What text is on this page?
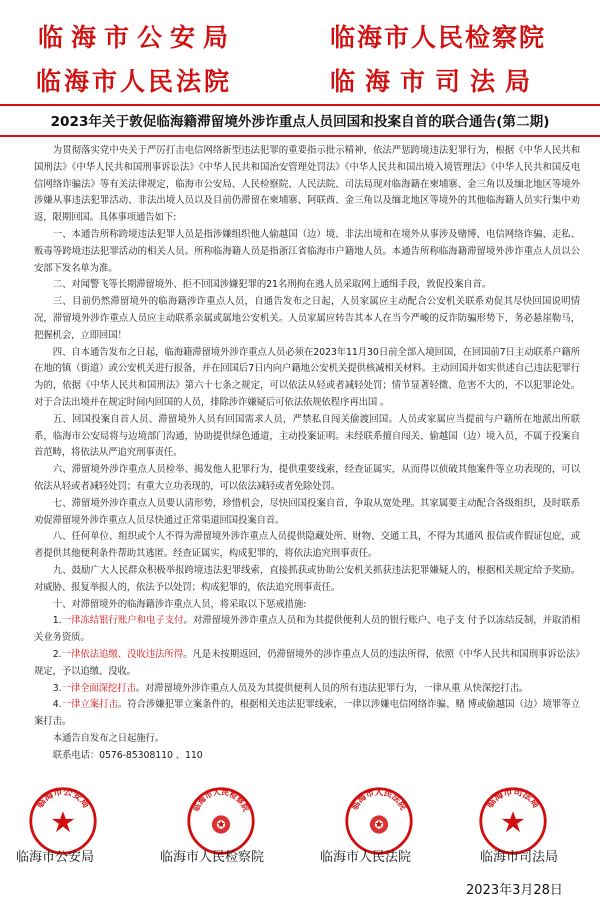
临海市公安局	临海市人民检察院
临海市人民法院	临海市司法局
2023年关于敦促临海籍滞留境外涉诈重点人员回国和投案自首的联合通告(第二期)

为贯彻落实党中央关于严厉打击电信网络新型违法犯罪的重要指示批示精神，依法严惩跨境违法犯罪行为，根据《中华人民共和国刑法》《中华人民共和国刑事诉讼法》《中华人民共和国治安管理处罚法》《中华人民共和国出境入境管理法》《中华人民共和国反电信网络诈骗法》等有关法律规定，临海市公安局、人民检察院、人民法院、司法局现对临海籍在柬埔寨、金三角以及缅北地区等境外涉嫌从事违法犯罪活动、非法出境人员以及目前仍滞留在柬埔寨、阿联酋、金三角以及缅北地区等境外的其他临海籍人员实行集中劝返，限期回国。具体事项通告如下:

一、本通告所称跨境违法犯罪人员是指涉嫌组织他人偷越国（边）境、非法出境和在境外从事涉及赌博、电信网络诈骗、走私、贩毒等跨境违法犯罪活动的相关人员。所称临海籍人员是指浙江省临海市户籍地人员。本通告所称临海籍滞留境外涉诈重点人员以公安部下发名单为准。

二、对闻警飞等长期滞留境外、拒不回国涉嫌犯罪的21名刑拘在逃人员采取网上通缉手段，敦促投案自首。

三、目前仍然滞留境外的临海籍涉诈重点人员，自通告发布之日起，人员家属应主动配合公安机关联系劝促其尽快回国说明情况，滞留境外涉诈重点人员应主动联系亲属或属地公安机关。人员家属应转告其本人在当今严峻的反诈防骗形势下，务必悬崖勒马，把握机会，立即回国！

四、自本通告发布之日起，临海籍滞留境外涉诈重点人员必须在2023年11月30日前全部入境回国，在回国前7日主动联系户籍所在地的镇（街道）或公安机关进行报备，并在回国后7日内向户籍地公安机关提供核减相关材料。主动回国并如实供述自己违法犯罪行为的，依据《中华人民共和国刑法》第六十七条之规定，可以依法从轻或者减轻处罚；情节显著轻微、危害不大的，不以犯罪论处。对于合法出境并在规定时间内回国的人员，排除涉诈嫌疑后可依法依规依程序再出国 。

五、回国投案自首人员、滞留境外人员有回国需求人员，严禁私自闯关偷渡回国。人员或家属应当提前与户籍所在地派出所联系，临海市公安局将与边境部门沟通，协助提供绿色通道，主动投案证明。未经联系擅自闯关、偷越国（边）境入员，不属于投案自首范畴，将依法从严追究刑事责任。

六、滞留境外涉诈重点人员检举、揭发他人犯罪行为，提供重要线索，经查证属实，从而得以侦破其他案件等立功表现的，可以依法从轻或者减轻处罚；有重大立功表现的，可以依法减轻或者免除处罚。

七、滞留境外涉诈重点人员要认清形势，珍惜机会，尽快回国投案自首，争取从宽处理。其家属要主动配合各级组织，及时联系劝促滞留境外涉诈重点人员尽快通过正常渠道回国投案自首。

八、任何单位、组织或个人不得为滞留境外涉诈重点人员提供隐藏处所、财物、交通工具，不得为其通风 报信或作假证包庇，或者提供其他便利条件帮助其逃匿。经查证属实，构成犯罪的，将依法追究刑事责任。

九、鼓励广大人民群众积极举报跨境违法犯罪线索，直接抓获或协助公安机关抓获违法犯罪嫌疑人的，根据相关规定给予奖励。对威胁、报复举报人的，依法予以处罚；构成犯罪的，依法追究刑事责任。

十、对滞留境外的临海籍涉诈重点人员，将采取以下惩戒措施:

1.一律冻结银行账户和电子支付。对滞留境外涉诈重点人员和为其提供便利人员的银行账户、电子支 付予以冻结反制，并取消相关业务资质。

2.一律依法追缴、没收违法所得。凡是未按期返回，仍滞留境外的涉诈重点人员的违法所得，依照《中华人民共和国刑事诉讼法》规定，予以追缴、没收。

3.一律全面深挖打击。对滞留境外涉诈重点人员及为其提供便利人员的所有违法犯罪行为，一律从重 从快深挖打击。

4.一律立案打击。符合涉嫌犯罪立案条件的，根据相关违法犯罪线索，一律以涉嫌电信网络诈骗、赌 博或偷越国（边）境罪等立案打击。

本通告自发布之日起施行。

联系电话：0576-85308110 、110

临海市公安局	临海市人民检察院	临海市人民法院	临海市司法局
临海市公安局	临海市人民检察院	临海市人民法院	临海市司法局
2023年3月28日
